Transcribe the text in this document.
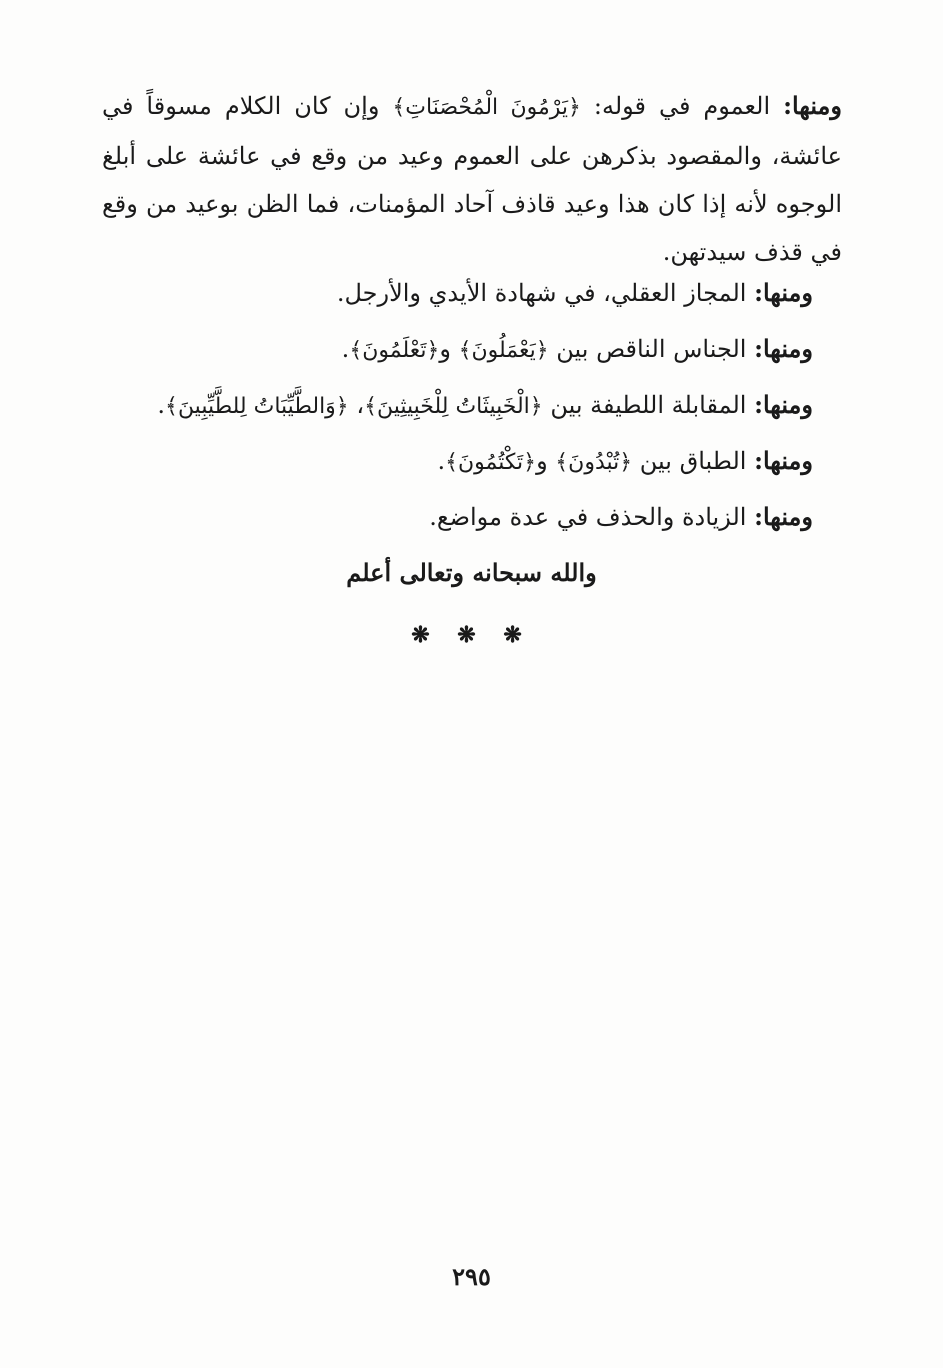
ومنها: العموم في قوله: ﴿يَرْمُونَ الْمُحْصَنَاتِ﴾ وإن كان الكلام مسوقاً في عائشة، والمقصود بذكرهن على العموم وعيد من وقع في عائشة على أبلغ الوجوه لأنه إذا كان هذا وعيد قاذف آحاد المؤمنات، فما الظن بوعيد من وقع في قذف سيدتهن.
ومنها: المجاز العقلي، في شهادة الأيدي والأرجل.
ومنها: الجناس الناقص بين ﴿يَعْمَلُونَ﴾ و﴿تَعْلَمُونَ﴾.
ومنها: المقابلة اللطيفة بين ﴿الْخَبِيثَاتُ لِلْخَبِيثِينَ﴾، ﴿وَالطَّيِّبَاتُ لِلطَّيِّبِينَ﴾.
ومنها: الطباق بين ﴿تُبْدُونَ﴾ و﴿تَكْتُمُونَ﴾.
ومنها: الزيادة والحذف في عدة مواضع.
والله سبحانه وتعالى أعلم
❋ ❋ ❋
٢٩٥
